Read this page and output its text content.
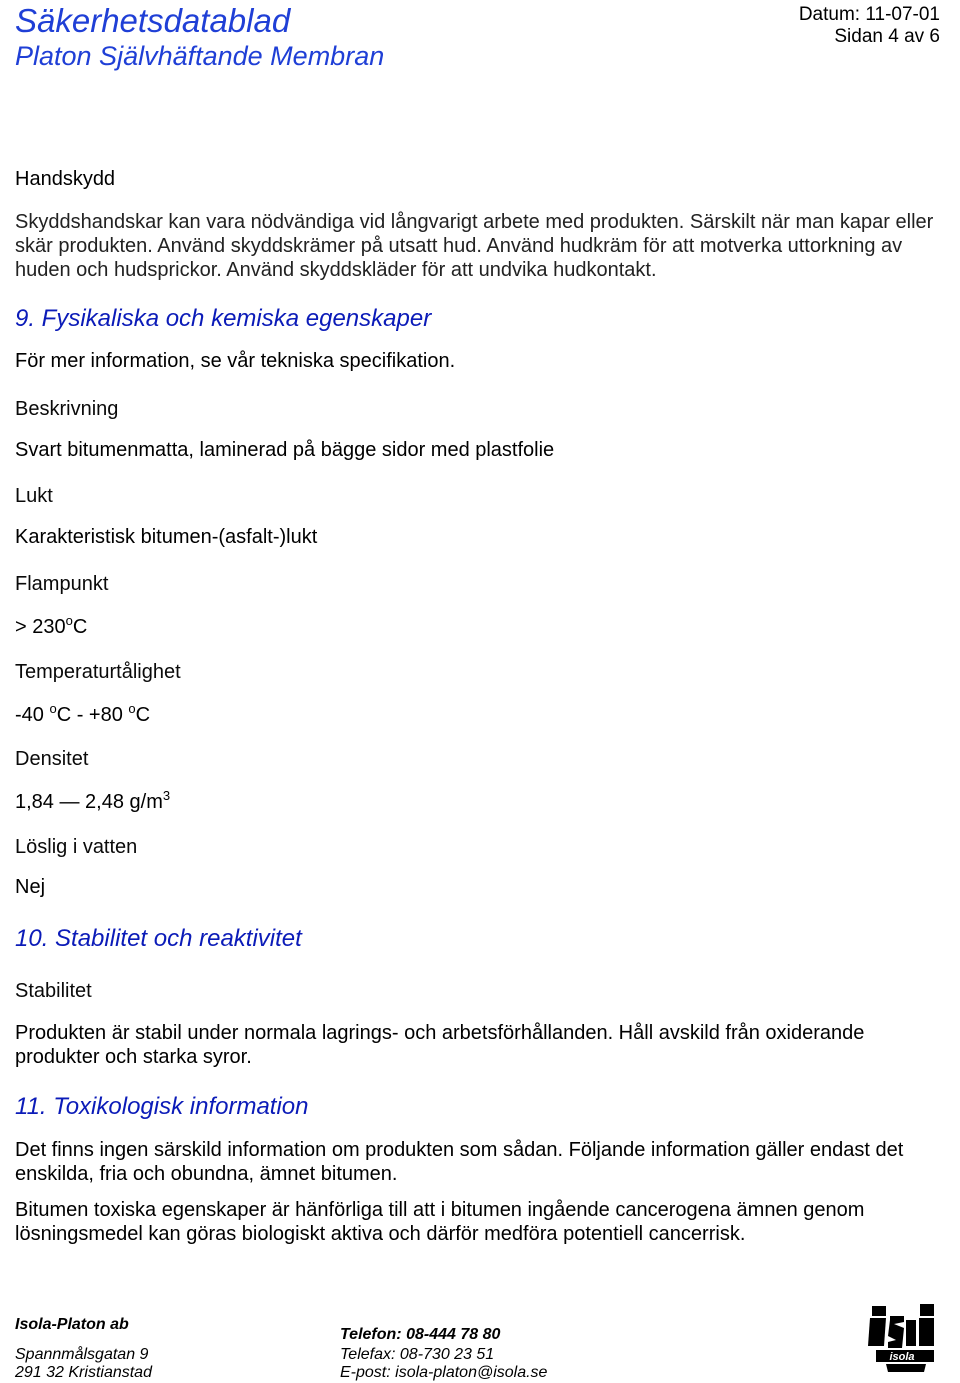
Säkerhetsdatablad
Platon Självhäftande Membran
Datum: 11-07-01
Sidan 4 av 6
Handskydd

Skyddshandskar kan vara nödvändiga vid långvarigt arbete med produkten. Särskilt när man kapar eller skär produkten. Använd skyddskrämer på utsatt hud. Använd hudkräm för att motverka uttorkning av huden och hudsprickor. Använd skyddskläder för att undvika hudkontakt.

9. Fysikaliska och kemiska egenskaper
För mer information, se vår tekniska specifikation.
Beskrivning
Svart bitumenmatta, laminerad på bägge sidor med plastfolie
Lukt
Karakteristisk bitumen-(asfalt-)lukt
Flampunkt
> $230^oC$
Temperaturtålighet
-40 $^o$C - +80 $^o$C
Densitet
1,84 — 2,48 $g/m^3$
Löslig i vatten
Nej
10. Stabilitet och reaktivitet
Stabilitet

Produkten är stabil under normala lagrings- och arbetsförhållanden. Håll avskild från oxiderande produkter och starka syror.

11. Toxikologisk information

Det finns ingen särskild information om produkten som sådan. Följande information gäller endast det enskilda, fria och obundna, ämnet bitumen.

Bitumen toxiska egenskaper är hänförliga till att i bitumen ingående cancerogena ämnen genom lösningsmedel kan göras biologiskt aktiva och därför medföra potentiell cancerrisk.

Isola-Platon ab
Spannmålsgatan 9
291 32 Kristianstad
Telefon: 08-444 78 80
Telefax: 08-730 23 51
E-post: isola-platon@isola.se
isola
